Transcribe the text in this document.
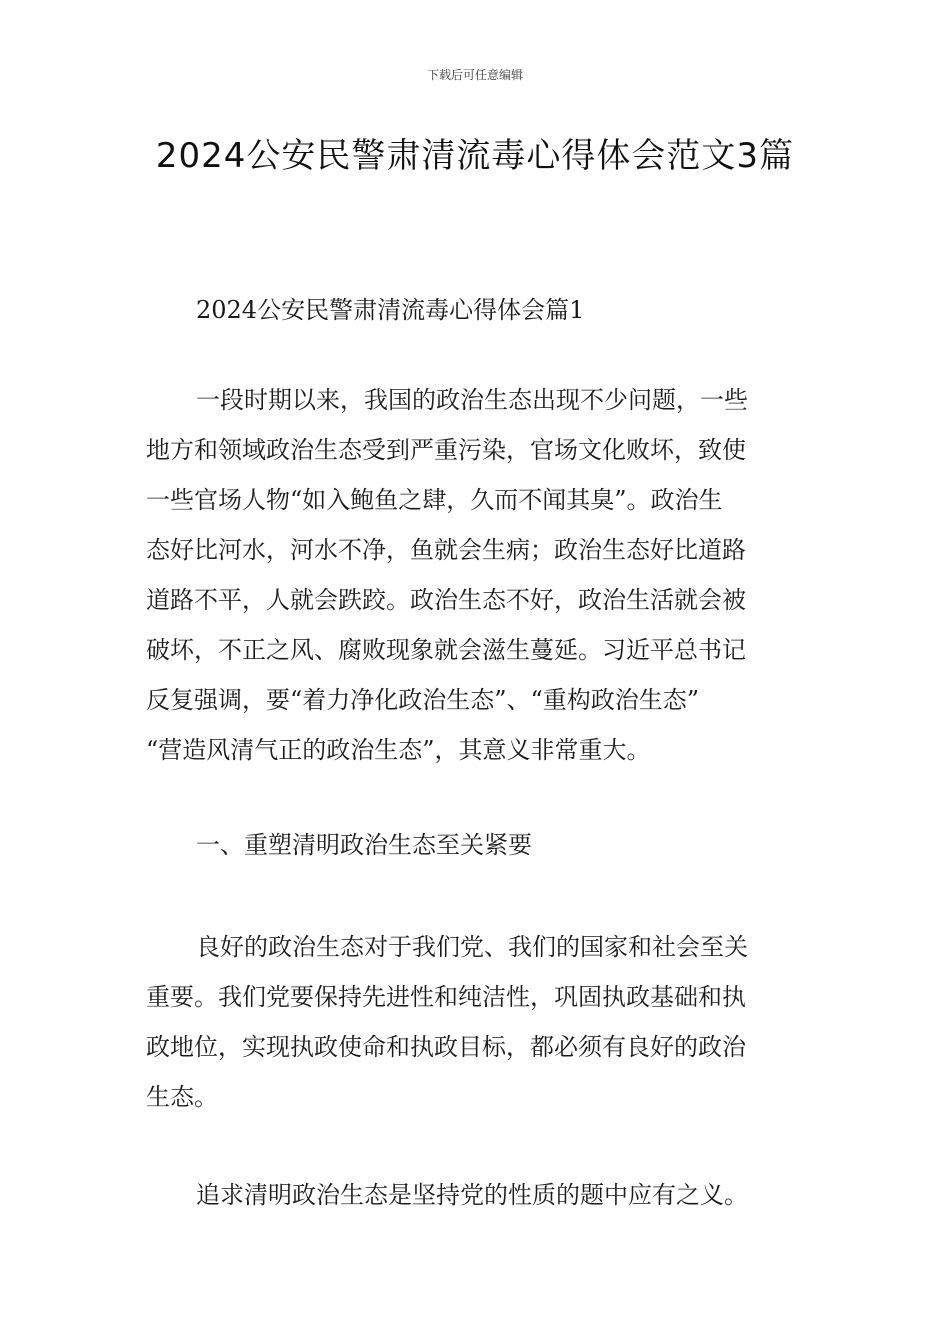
下载后可任意编辑
2024公安民警肃清流毒心得体会范文3篇

2024公安民警肃清流毒心得体会篇1

一段时期以来，我国的政治生态出现不少问题，一些
地方和领域政治生态受到严重污染，官场文化败坏，致使
一些官场人物“如入鲍鱼之肆，久而不闻其臭”。政治生
态好比河水，河水不净，鱼就会生病；政治生态好比道路
道路不平，人就会跌跤。政治生态不好，政治生活就会被
破坏，不正之风、腐败现象就会滋生蔓延。习近平总书记
反复强调，要“着力净化政治生态”、“重构政治生态”
“营造风清气正的政治生态”，其意义非常重大。

一、重塑清明政治生态至关紧要

良好的政治生态对于我们党、我们的国家和社会至关
重要。我们党要保持先进性和纯洁性，巩固执政基础和执
政地位，实现执政使命和执政目标，都必须有良好的政治
生态。

追求清明政治生态是坚持党的性质的题中应有之义。
